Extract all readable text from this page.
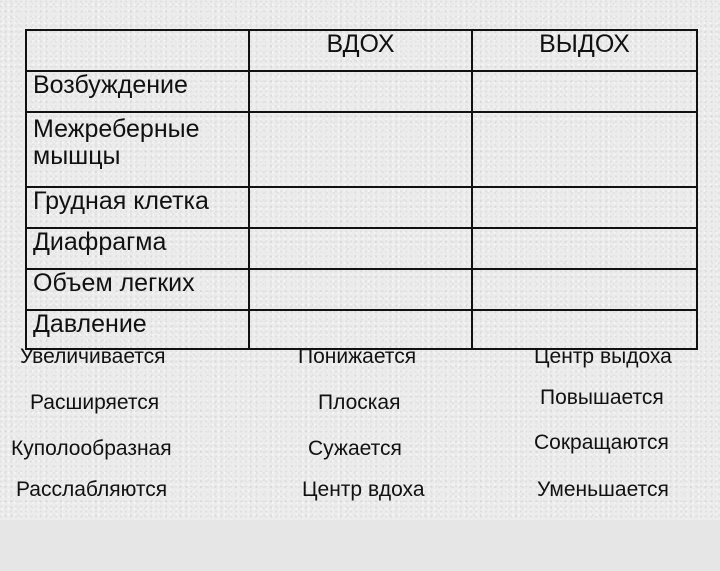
	ВДОХ	ВЫДОХ
Возбуждение		
Межреберные мышцы		
Грудная клетка		
Диафрагма		
Объем легких		
Давление		
Увеличивается	Понижается	Центр выдоха
Расширяется	Плоская	Повышается
Куполообразная	Сужается	Сокращаются
Расслабляются	Центр вдоха	Уменьшается
